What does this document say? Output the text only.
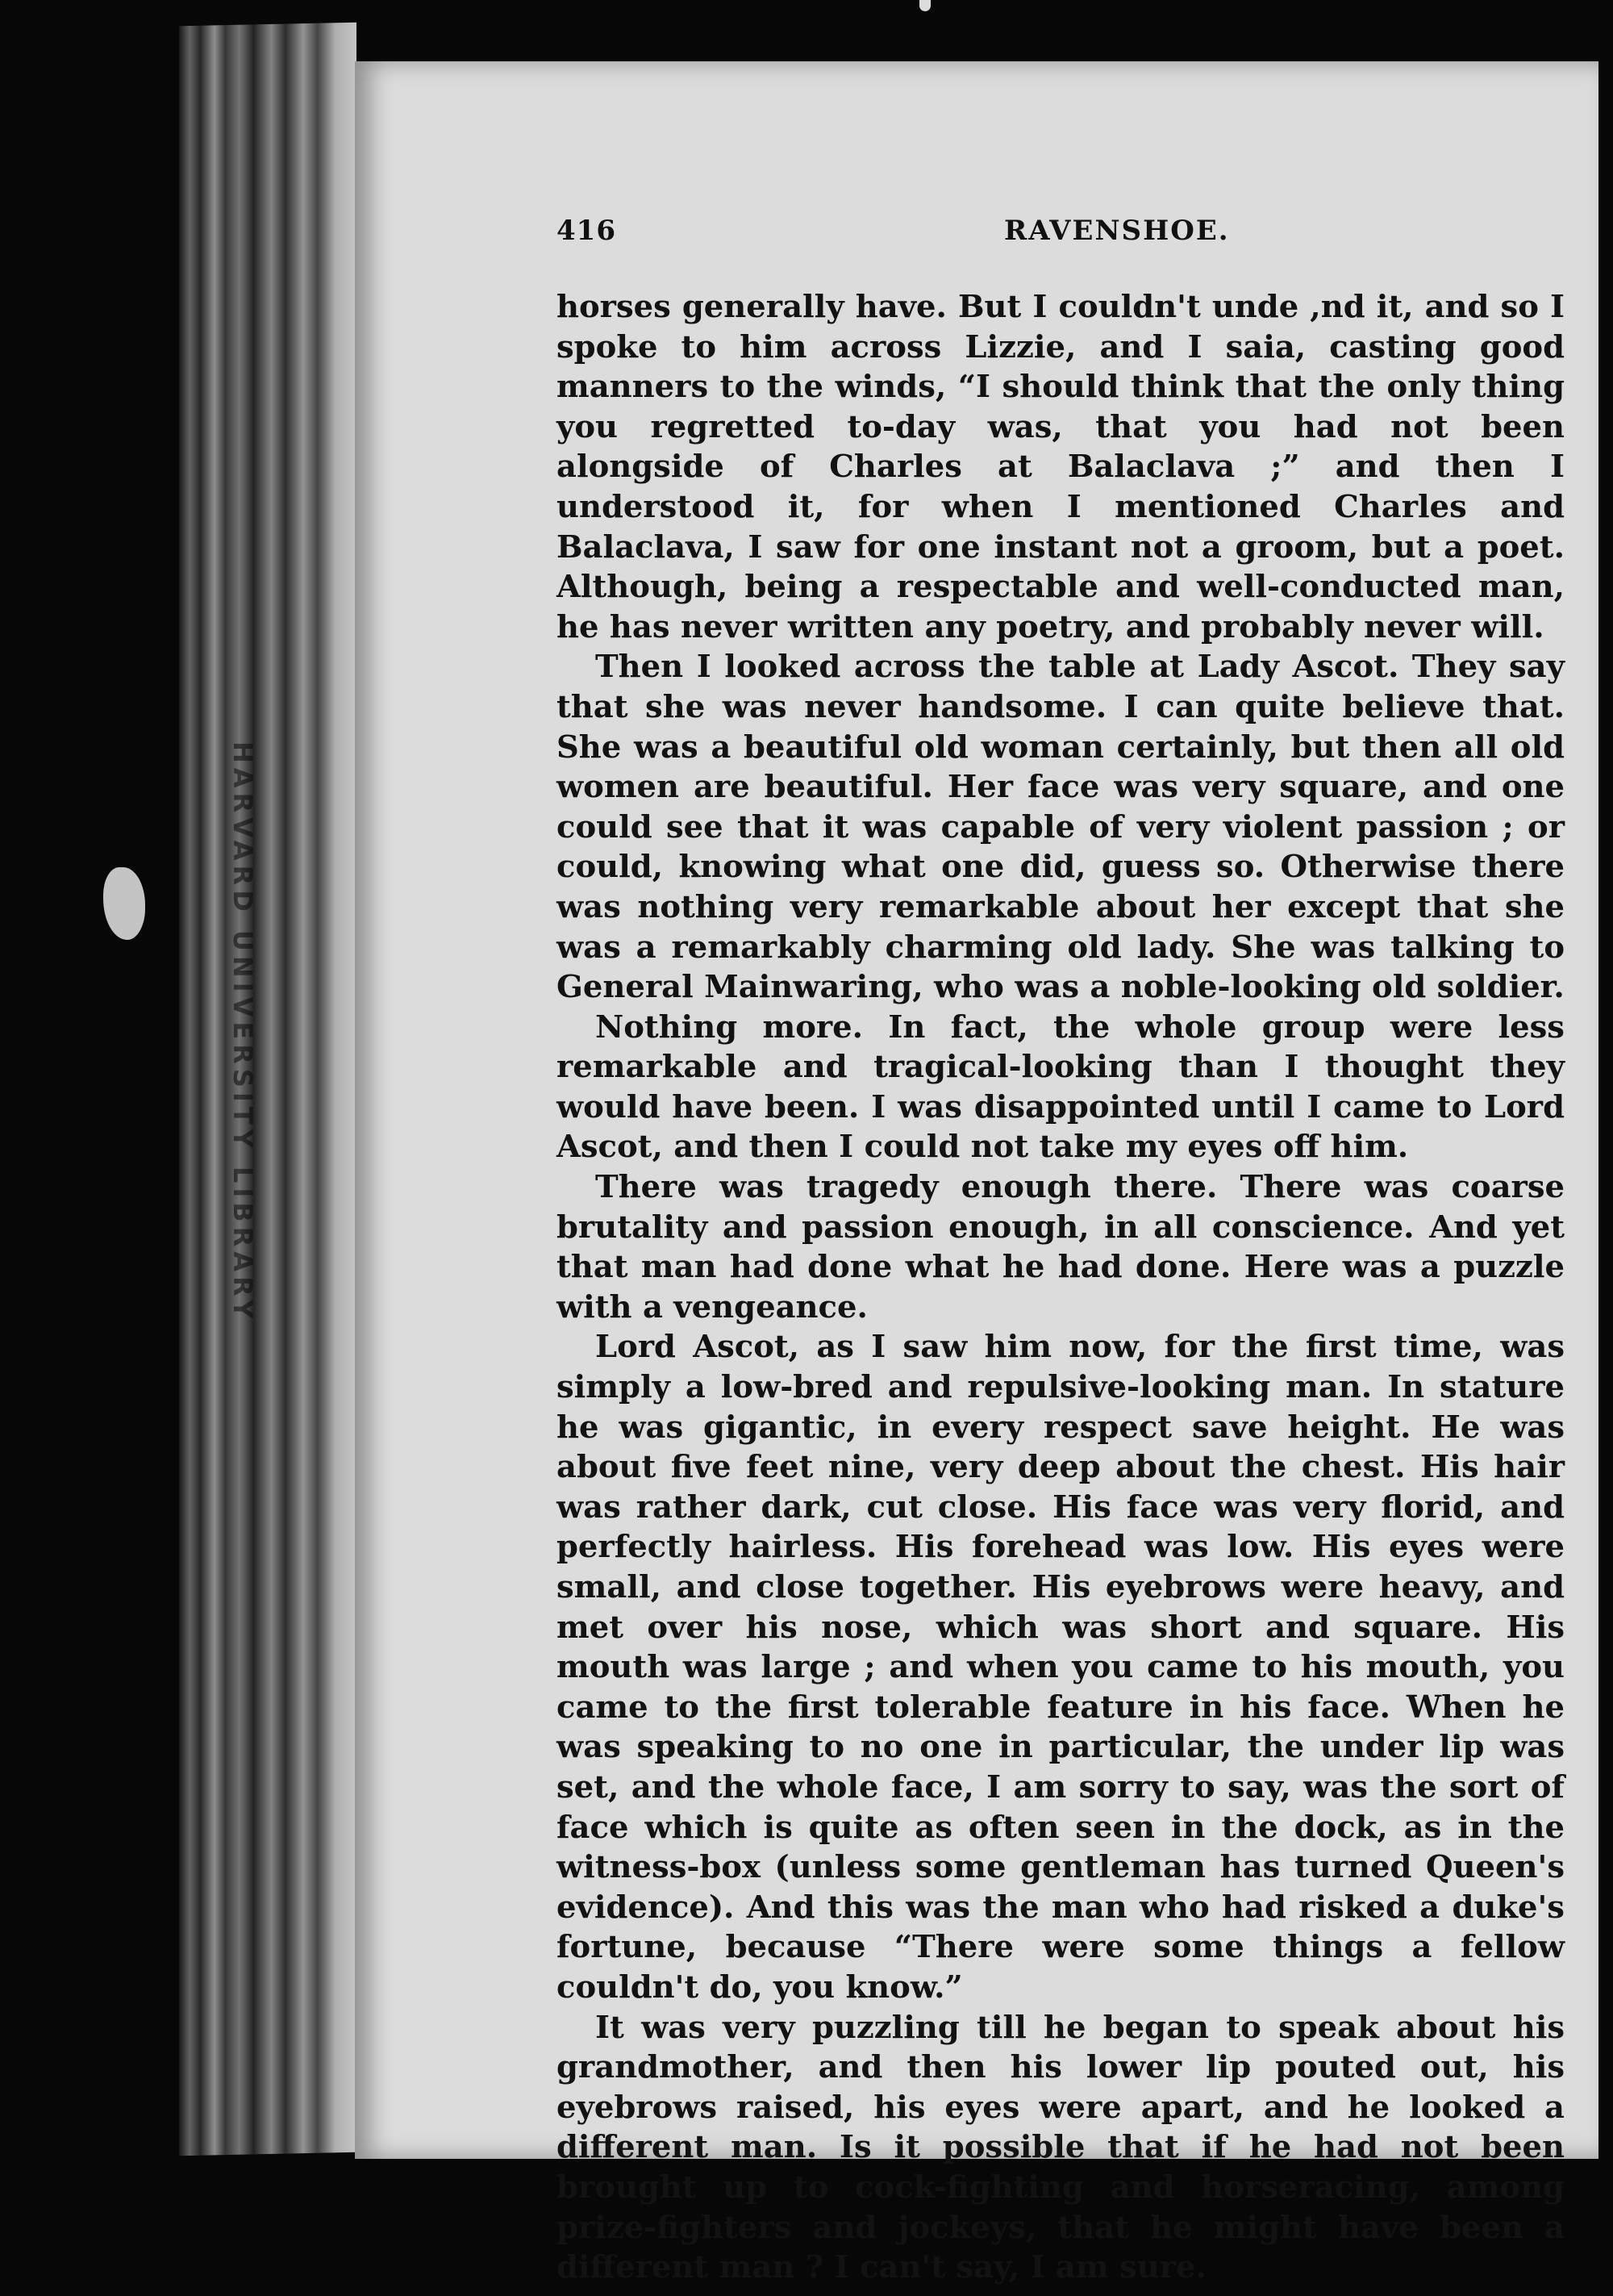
HARVARD UNIVERSITY LIBRARY
416	RAVENSHOE.

horses generally have. But I couldn't unde ,nd it, and so I spoke to him across Lizzie, and I saia, casting good manners to the winds, “I should think that the only thing you regretted to-day was, that you had not been alongside of Charles at Balaclava ;” and then I understood it, for when I mentioned Charles and Balaclava, I saw for one instant not a groom, but a poet. Although, being a respectable and well-conducted man, he has never written any poetry, and probably never will.

Then I looked across the table at Lady Ascot. They say that she was never handsome. I can quite believe that. She was a beautiful old woman certainly, but then all old women are beautiful. Her face was very square, and one could see that it was capable of very violent passion ; or could, knowing what one did, guess so. Otherwise there was nothing very remarkable about her except that she was a remarkably charming old lady. She was talking to General Mainwaring, who was a noble-looking old soldier.

Nothing more. In fact, the whole group were less remarkable and tragical-looking than I thought they would have been. I was disappointed until I came to Lord Ascot, and then I could not take my eyes off him.

There was tragedy enough there. There was coarse brutality and passion enough, in all conscience. And yet that man had done what he had done. Here was a puzzle with a vengeance.

Lord Ascot, as I saw him now, for the first time, was simply a low-bred and repulsive-looking man. In stature he was gigantic, in every respect save height. He was about five feet nine, very deep about the chest. His hair was rather dark, cut close. His face was very florid, and perfectly hairless. His forehead was low. His eyes were small, and close together. His eyebrows were heavy, and met over his nose, which was short and square. His mouth was large ; and when you came to his mouth, you came to the first tolerable feature in his face. When he was speaking to no one in particular, the under lip was set, and the whole face, I am sorry to say, was the sort of face which is quite as often seen in the dock, as in the witness-box (unless some gentleman has turned Queen's evidence). And this was the man who had risked a duke's fortune, because “There were some things a fellow couldn't do, you know.”

It was very puzzling till he began to speak about his grandmother, and then his lower lip pouted out, his eyebrows raised, his eyes were apart, and he looked a different man. Is it possible that if he had not been brought up to cock-fighting and horseracing, among prize-fighters and jockeys, that he might have been a different man ? I can't say, I am sure.
